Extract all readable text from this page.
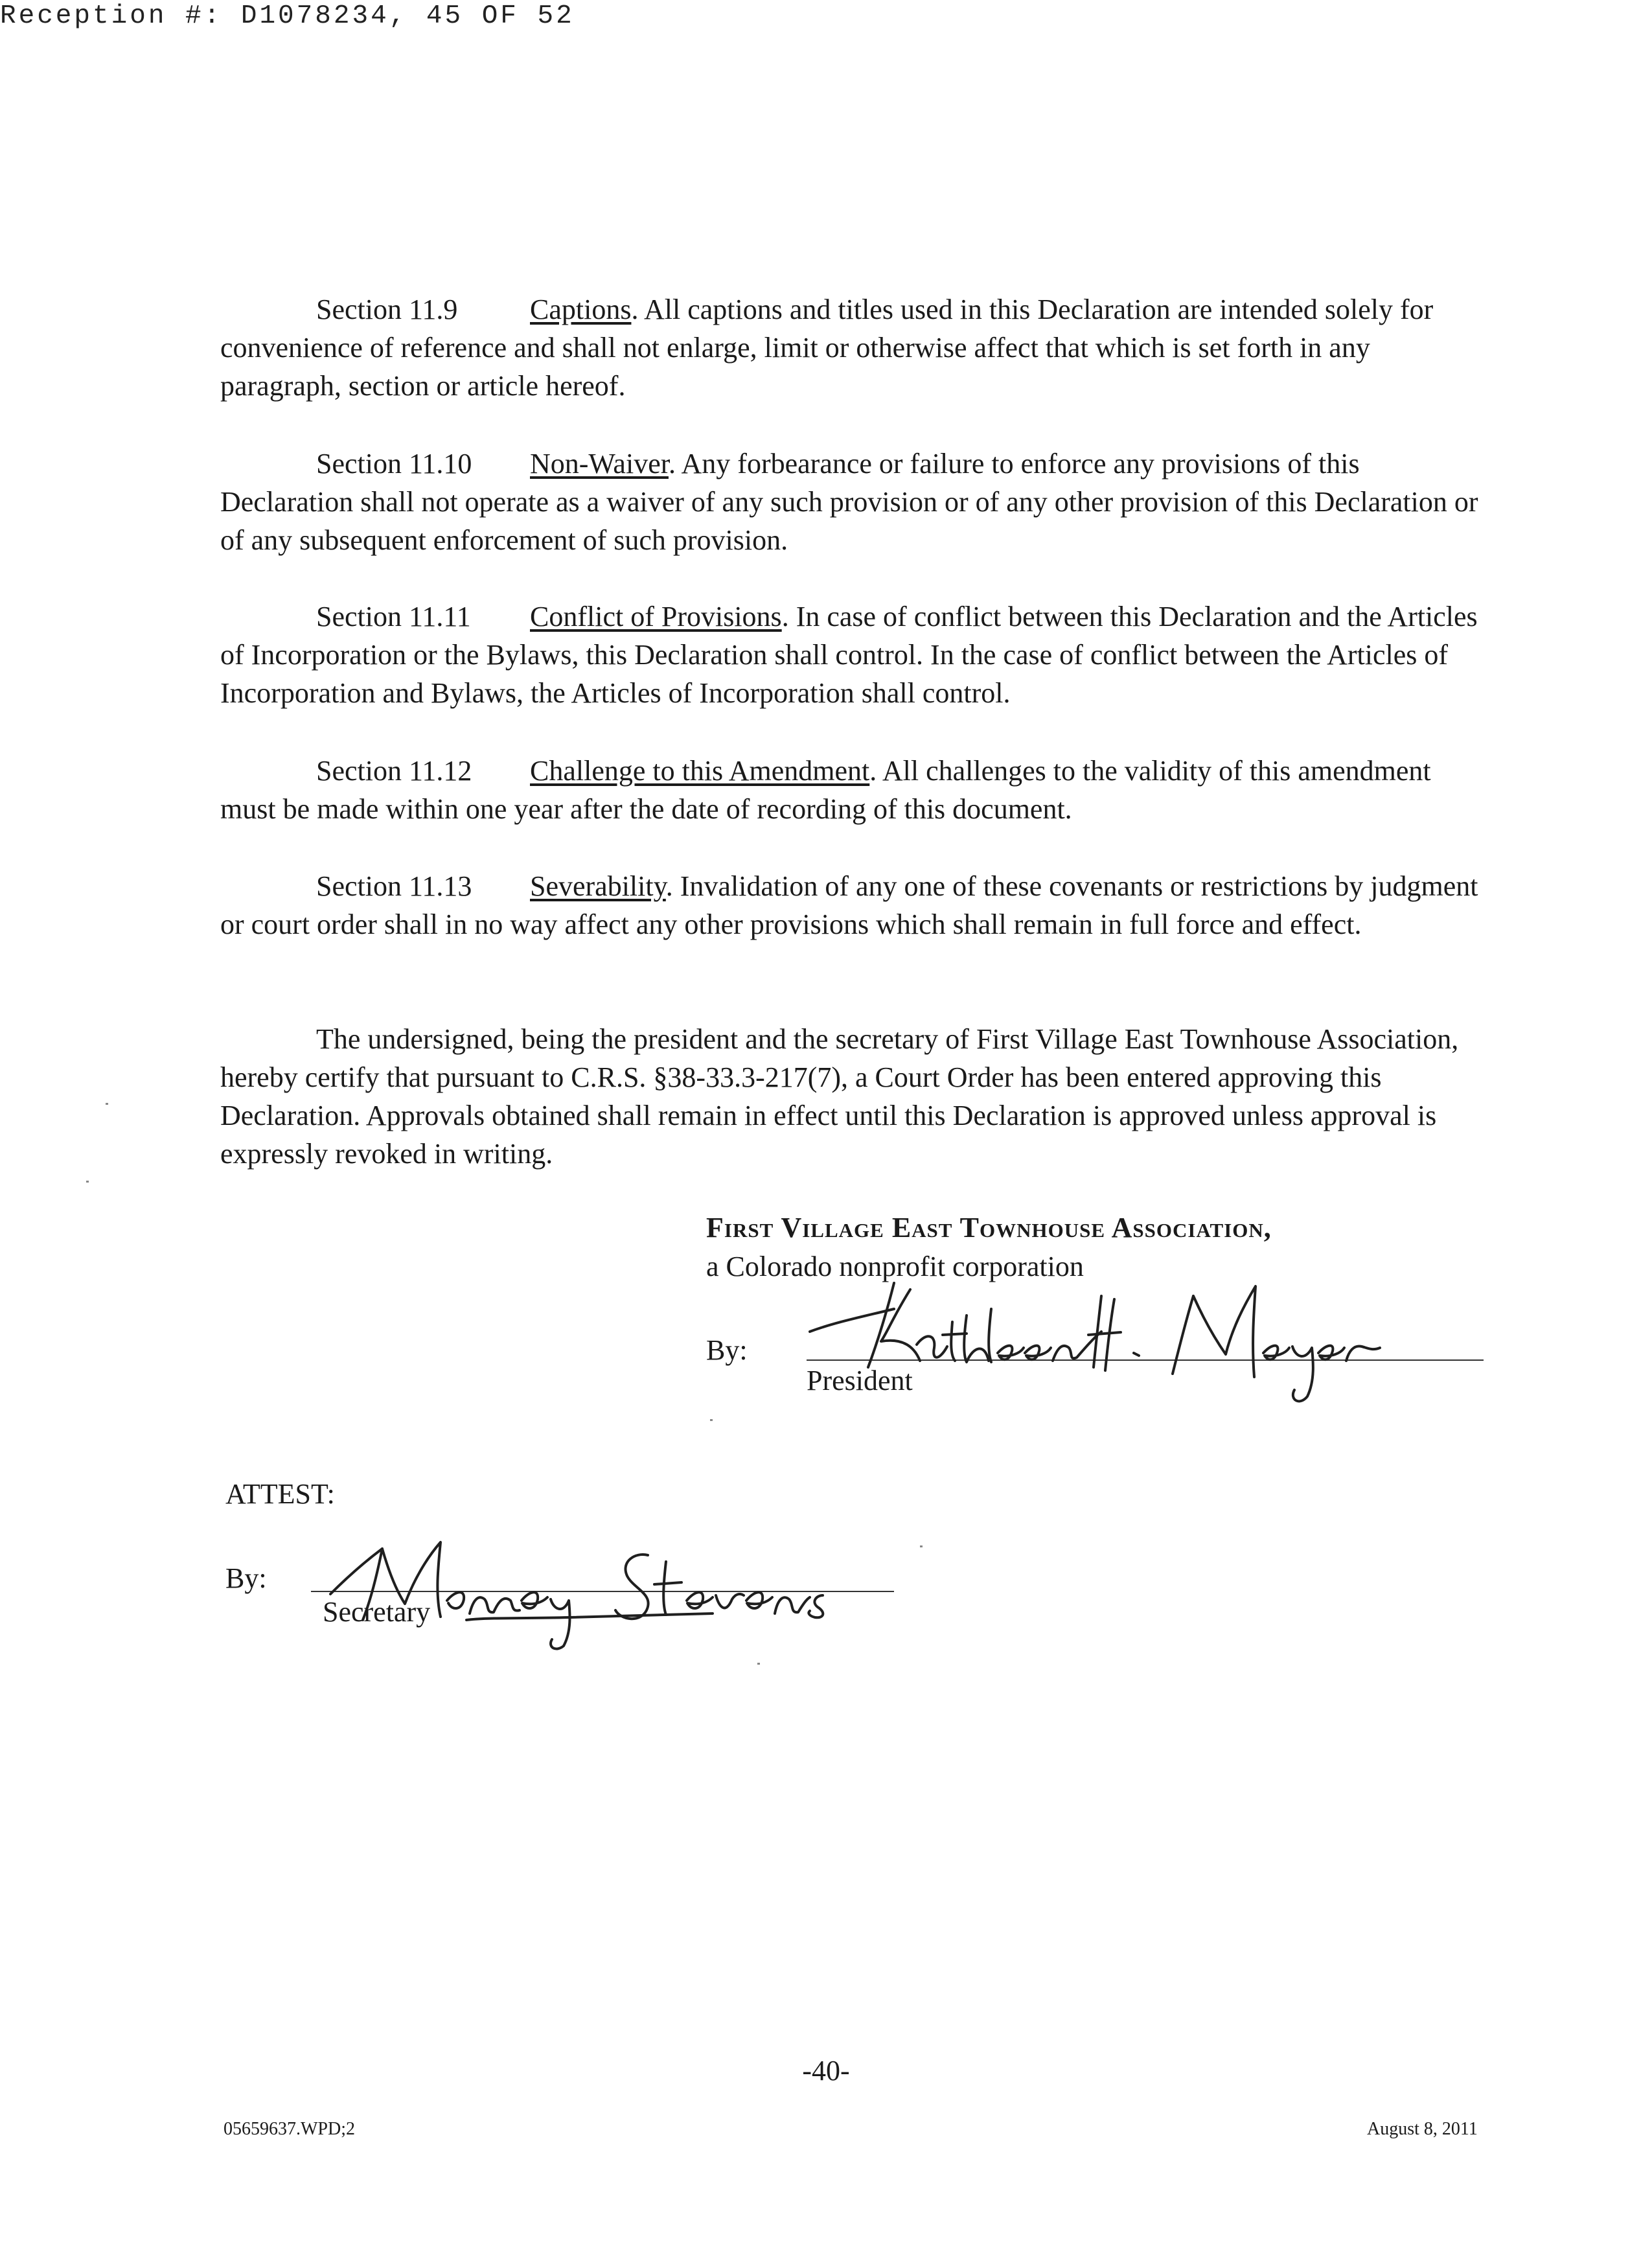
Reception #: D1078234, 45 OF 52

Section 11.9	Captions. All captions and titles used in this Declaration are intended solely for convenience of reference and shall not enlarge, limit or otherwise affect that which is set forth in any paragraph, section or article hereof.

Section 11.10 Non-Waiver. Any forbearance or failure to enforce any provisions of this Declaration shall not operate as a waiver of any such provision or of any other provision of this Declaration or of any subsequent enforcement of such provision.

Section 11.11 Conflict of Provisions. In case of conflict between this Declaration and the Articles of Incorporation or the Bylaws, this Declaration shall control. In the case of conflict between the Articles of Incorporation and Bylaws, the Articles of Incorporation shall control.

Section 11.12 Challenge to this Amendment. All challenges to the validity of this amendment must be made within one year after the date of recording of this document.

Section 11.13 Severability. Invalidation of any one of these covenants or restrictions by judgment or court order shall in no way affect any other provisions which shall remain in full force and effect.

The undersigned, being the president and the secretary of First Village East Townhouse Association, hereby certify that pursuant to C.R.S. §38-33.3-217(7), a Court Order has been entered approving this Declaration. Approvals obtained shall remain in effect until this Declaration is approved unless approval is expressly revoked in writing.

First Village East Townhouse Association,
a Colorado nonprofit corporation
By:
President
ATTEST:
By:
Secretary
-40-
05659637.WPD;2	August 8, 2011
